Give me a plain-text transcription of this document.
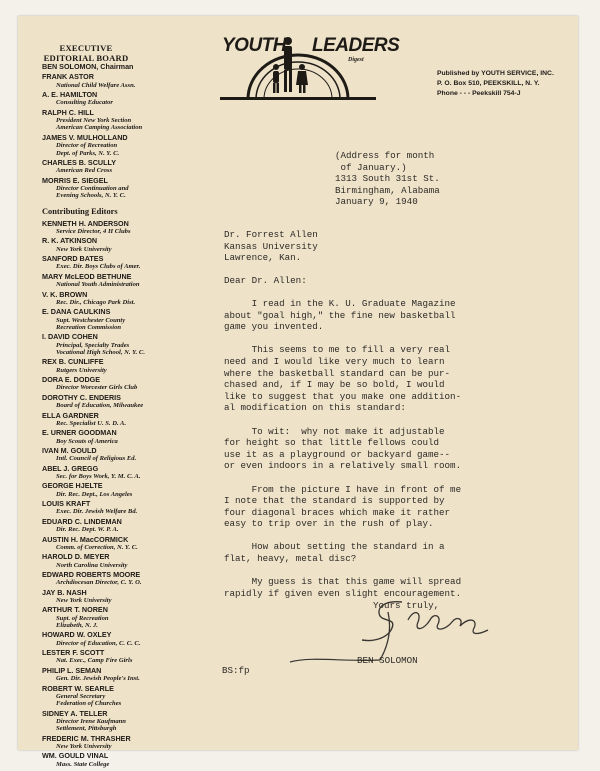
EXECUTIVE
EDITORIAL BOARD
BEN SOLOMON, Chairman
FRANK ASTOR
National Child Welfare Assn.
A. E. HAMILTON
Consulting Educator
RALPH C. HILL
President New York Section
American Camping Association
JAMES V. MULHOLLAND
Director of Recreation
Dept. of Parks, N. Y. C.
CHARLES B. SCULLY
American Red Cross
MORRIS E. SIEGEL
Director Continuation and
Evening Schools, N. Y. C.
Contributing Editors
KENNETH H. ANDERSON
Service Director, 4 H Clubs
R. K. ATKINSON
New York University
SANFORD BATES
Exec. Dir. Boys Clubs of Amer.
MARY McLEOD BETHUNE
National Youth Administration
V. K. BROWN
Rec. Dir., Chicago Park Dist.
E. DANA CAULKINS
Supt. Westchester County
Recreation Commission
I. DAVID COHEN
Principal, Specialty Trades
Vocational High School, N. Y. C.
REX B. CUNLIFFE
Rutgers University
DORA E. DODGE
Director Worcester Girls Club
DOROTHY C. ENDERIS
Board of Education, Milwaukee
ELLA GARDNER
Rec. Specialist U. S. D. A.
E. URNER GOODMAN
Boy Scouts of America
IVAN M. GOULD
Intl. Council of Religious Ed.
ABEL J. GREGG
Sec. for Boys Work, Y. M. C. A.
GEORGE HJELTE
Dir. Rec. Dept., Los Angeles
LOUIS KRAFT
Exec. Dir. Jewish Welfare Bd.
EDUARD C. LINDEMAN
Dir. Rec. Dept. W. P. A.
AUSTIN H. MacCORMICK
Comm. of Correction, N. Y. C.
HAROLD D. MEYER
North Carolina University
EDWARD ROBERTS MOORE
Archdiocesan Director, C. Y. O.
JAY B. NASH
New York University
ARTHUR T. NOREN
Supt. of Recreation
Elizabeth, N. J.
HOWARD W. OXLEY
Director of Education, C. C. C.
LESTER F. SCOTT
Nat. Exec., Camp Fire Girls
PHILIP L. SEMAN
Gen. Dir. Jewish People's Inst.
ROBERT W. SEARLE
General Secretary
Federation of Churches
SIDNEY A. TELLER
Director Irene Kaufmann
Settlement, Pittsburgh
FREDERIC M. THRASHER
New York University
WM. GOULD VINAL
Mass. State College
YOUTH LEADERS
Digest
Published by YOUTH SERVICE, INC.
P. O. Box 510, PEEKSKILL, N. Y.
Phone - - - Peekskill 754-J
(Address for month
of January.)
1313 South 31st St.
Birmingham, Alabama
January 9, 1940
Dr. Forrest Allen
Kansas University
Lawrence, Kan.
Dear Dr. Allen:
I read in the K. U. Graduate Magazine
about "goal high," the fine new basketball
game you invented.

This seems to me to fill a very real
need and I would like very much to learn
where the basketball standard can be pur-
chased and, if I may be so bold, I would
like to suggest that you make one addition-
al modification on this standard:

To wit:  why not make it adjustable
for height so that little fellows could
use it as a playground or backyard game--
or even indoors in a relatively small room.

From the picture I have in front of me
I note that the standard is supported by
four diagonal braces which make it rather
easy to trip over in the rush of play.

How about setting the standard in a
flat, heavy, metal disc?

My guess is that this game will spread
rapidly if given even slight encouragement.
Yours truly,
BEN SOLOMON
BS:fp
